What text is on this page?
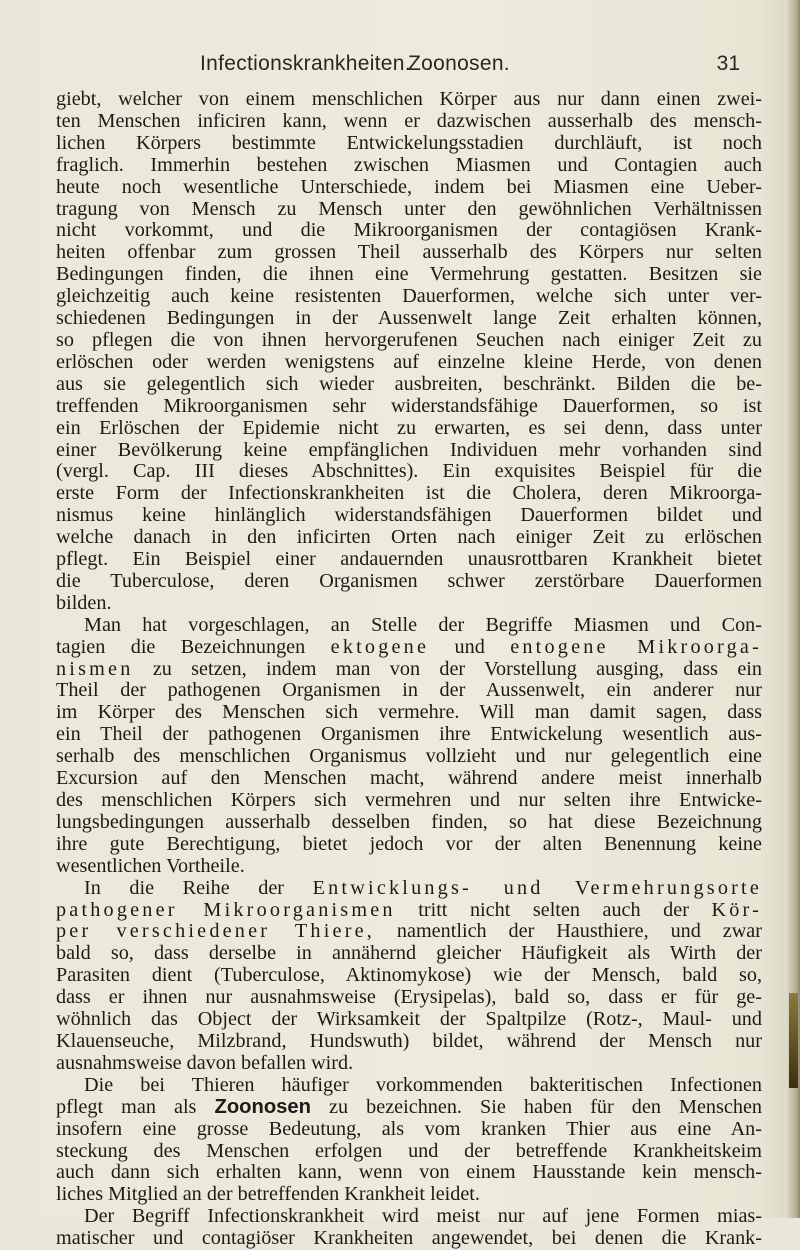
Infectionskrankheiten.
Zoonosen.	31
giebt, welcher von einem menschlichen Körper aus nur dann einen zwei-
ten Menschen inficiren kann, wenn er dazwischen ausserhalb des mensch-
lichen Körpers bestimmte Entwickelungsstadien durchläuft, ist noch
fraglich. Immerhin bestehen zwischen Miasmen und Contagien auch
heute noch wesentliche Unterschiede, indem bei Miasmen eine Ueber-
tragung von Mensch zu Mensch unter den gewöhnlichen Verhältnissen
nicht vorkommt, und die Mikroorganismen der contagiösen Krank-
heiten offenbar zum grossen Theil ausserhalb des Körpers nur selten
Bedingungen finden, die ihnen eine Vermehrung gestatten. Besitzen sie
gleichzeitig auch keine resistenten Dauerformen, welche sich unter ver-
schiedenen Bedingungen in der Aussenwelt lange Zeit erhalten können,
so pflegen die von ihnen hervorgerufenen Seuchen nach einiger Zeit zu
erlöschen oder werden wenigstens auf einzelne kleine Herde, von denen
aus sie gelegentlich sich wieder ausbreiten, beschränkt. Bilden die be-
treffenden Mikroorganismen sehr widerstandsfähige Dauerformen, so ist
ein Erlöschen der Epidemie nicht zu erwarten, es sei denn, dass unter
einer Bevölkerung keine empfänglichen Individuen mehr vorhanden sind
(vergl. Cap. III dieses Abschnittes). Ein exquisites Beispiel für die
erste Form der Infectionskrankheiten ist die Cholera, deren Mikroorga-
nismus keine hinlänglich widerstandsfähigen Dauerformen bildet und
welche danach in den inficirten Orten nach einiger Zeit zu erlöschen
pflegt. Ein Beispiel einer andauernden unausrottbaren Krankheit bietet
die Tuberculose, deren Organismen schwer zerstörbare Dauerformen
bilden.
Man hat vorgeschlagen, an Stelle der Begriffe Miasmen und Con-
tagien die Bezeichnungen ektogene und entogene Mikroorga-
nismen zu setzen, indem man von der Vorstellung ausging, dass ein
Theil der pathogenen Organismen in der Aussenwelt, ein anderer nur
im Körper des Menschen sich vermehre. Will man damit sagen, dass
ein Theil der pathogenen Organismen ihre Entwickelung wesentlich aus-
serhalb des menschlichen Organismus vollzieht und nur gelegentlich eine
Excursion auf den Menschen macht, während andere meist innerhalb
des menschlichen Körpers sich vermehren und nur selten ihre Entwicke-
lungsbedingungen ausserhalb desselben finden, so hat diese Bezeichnung
ihre gute Berechtigung, bietet jedoch vor der alten Benennung keine
wesentlichen Vortheile.
In die Reihe der Entwicklungs- und Vermehrungsorte
pathogener Mikroorganismen tritt nicht selten auch der Kör-
per verschiedener Thiere, namentlich der Hausthiere, und zwar
bald so, dass derselbe in annähernd gleicher Häufigkeit als Wirth der
Parasiten dient (Tuberculose, Aktinomykose) wie der Mensch, bald so,
dass er ihnen nur ausnahmsweise (Erysipelas), bald so, dass er für ge-
wöhnlich das Object der Wirksamkeit der Spaltpilze (Rotz-, Maul- und
Klauenseuche, Milzbrand, Hundswuth) bildet, während der Mensch nur
ausnahmsweise davon befallen wird.
Die bei Thieren häufiger vorkommenden bakteritischen Infectionen
pflegt man als Zoonosen zu bezeichnen. Sie haben für den Menschen
insofern eine grosse Bedeutung, als vom kranken Thier aus eine An-
steckung des Menschen erfolgen und der betreffende Krankheitskeim
auch dann sich erhalten kann, wenn von einem Hausstande kein mensch-
liches Mitglied an der betreffenden Krankheit leidet.
Der Begriff Infectionskrankheit wird meist nur auf jene Formen mias-
matischer und contagiöser Krankheiten angewendet, bei denen die Krank-
